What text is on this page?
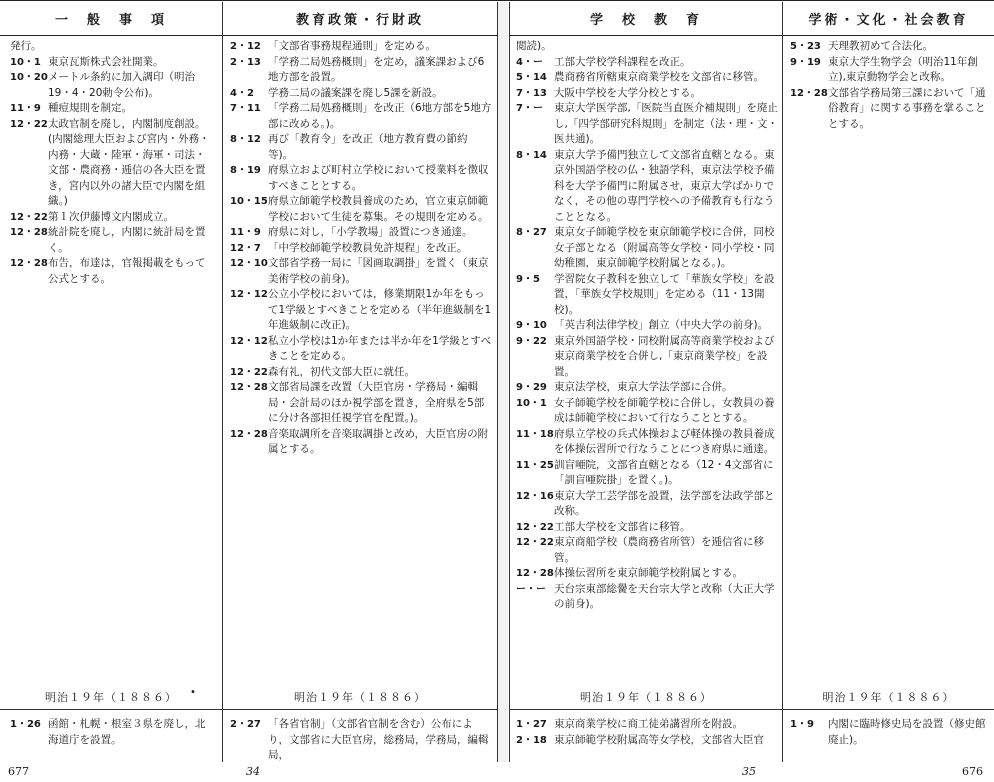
一　般　事　項	教育政策・行財政	学　校　教　育	学術・文化・社会教育
発行。
10・1 東京瓦斯株式会社開業。
10・20 メートル条約に加入調印（明治19・4・20勅令公布)。
11・9 種痘規則を制定。
12・22 太政官制を廃し，内閣制度創設。(内閣総理大臣および宮内・外務・内務・大蔵・陸軍・海軍・司法・文部・農商務・逓信の各大臣を置き，宮内以外の諸大臣で内閣を組織。)
12・22 第１次伊藤博文内閣成立。
12・28 統計院を廃し，内閣に統計局を置く。
12・28 布告，布達は，官報掲載をもって公式とする。
2・12 「文部省事務規程通則」を定める。
2・13 「学務二局処務概則」を定め，議案課および6地方部を設置。
4・2 学務二局の議案課を廃し5課を新設。
7・11 「学務二局処務概則」を改正（6地方部を5地方部に改める。)。
8・12 再び「教育令」を改正（地方教育費の節約等)。
8・19 府県立および町村立学校において授業料を徴収すべきこととする。
10・15 府県立師範学校教員養成のため，官立東京師範学校において生徒を募集。その規則を定める。
11・9 府県に対し，「小学教場」設置につき通達。
12・7 「中学校師範学校教員免許規程」を改正。
12・10 文部省学務一局に「図画取調掛」を置く（東京美術学校の前身)。
12・12 公立小学校においては，修業期限1か年をもって1学級とすべきことを定める（半年進級制を1年進級制に改正)。
12・12 私立小学校は1か年または半か年を1学級とすべきことを定める。
12・22 森有礼，初代文部大臣に就任。
12・28 文部省局課を改置（大臣官房・学務局・編輯局・会計局のほか視学部を置き，全府県を5部に分け各部担任視学官を配置。)。
12・28 音楽取調所を音楽取調掛と改め，大臣官房の附属とする。
閲読)。
4・ー 工部大学校学科課程を改正。
5・14 農商務省所轄東京商業学校を文部省に移管。
7・13 大阪中学校を大学分校とする。
7・ー 東京大学医学部,「医院当直医介補規則」を廃止し,「四学部研究科規則」を制定（法・理・文・医共通)。
8・14 東京大学予備門独立して文部省直轄となる。東京外国語学校の仏・独語学科，東京法学校予備科を大学予備門に附属させ，東京大学ばかりでなく，その他の専門学校への予備教育も行なうこととなる。
8・27 東京女子師範学校を東京師範学校に合併，同校女子部となる（附属高等女学校・同小学校・同幼稚園，東京師範学校附属となる。)。
9・5 学習院女子教科を独立して「華族女学校」を設置，「華族女学校規則」を定める（11・13開校)。
9・10 「英吉利法律学校」創立（中央大学の前身)。
9・22 東京外国語学校・同校附属高等商業学校および東京商業学校を合併し,「東京商業学校」を設置。
9・29 東京法学校，東京大学法学部に合併。
10・1 女子師範学校を師範学校に合併し，女教員の養成は師範学校において行なうこととする。
11・18 府県立学校の兵式体操および軽体操の教員養成を体操伝習所で行なうことにつき府県に通達。
11・25 訓盲唖院，文部省直轄となる（12・4文部省に「訓盲唖院掛」を置く。)。
12・16 東京大学工芸学部を設置，法学部を法政学部と改称。
12・22 工部大学校を文部省に移管。
12・22 東京商船学校（農商務省所管）を逓信省に移管。
12・28 体操伝習所を東京師範学校附属とする。
ー・ー 天台宗東部総黌を天台宗大学と改称（大正大学の前身)。
5・23 天理教初めて合法化。
9・19 東京大学生物学会（明治11年創立),東京動物学会と改称。
12・28 文部省学務局第三課において「通俗教育」に関する事務を掌ることとする。
明治１９年（１８８６）	•	明治１９年（１８８６）	明治１９年（１８８６）	明治１９年（１８８６）
1・26 函館・札幌・根室３県を廃し，北海道庁を設置。
2・27 「各省官制」（文部省官制を含む）公布により，文部省に大臣官房，総務局，学務局，編輯局，
1・27 東京商業学校に商工徒弟講習所を附設。
2・18 東京師範学校附属高等女学校，文部省大臣官
1・9 内閣に臨時修史局を設置（修史館廃止)。
677	34	35	676
